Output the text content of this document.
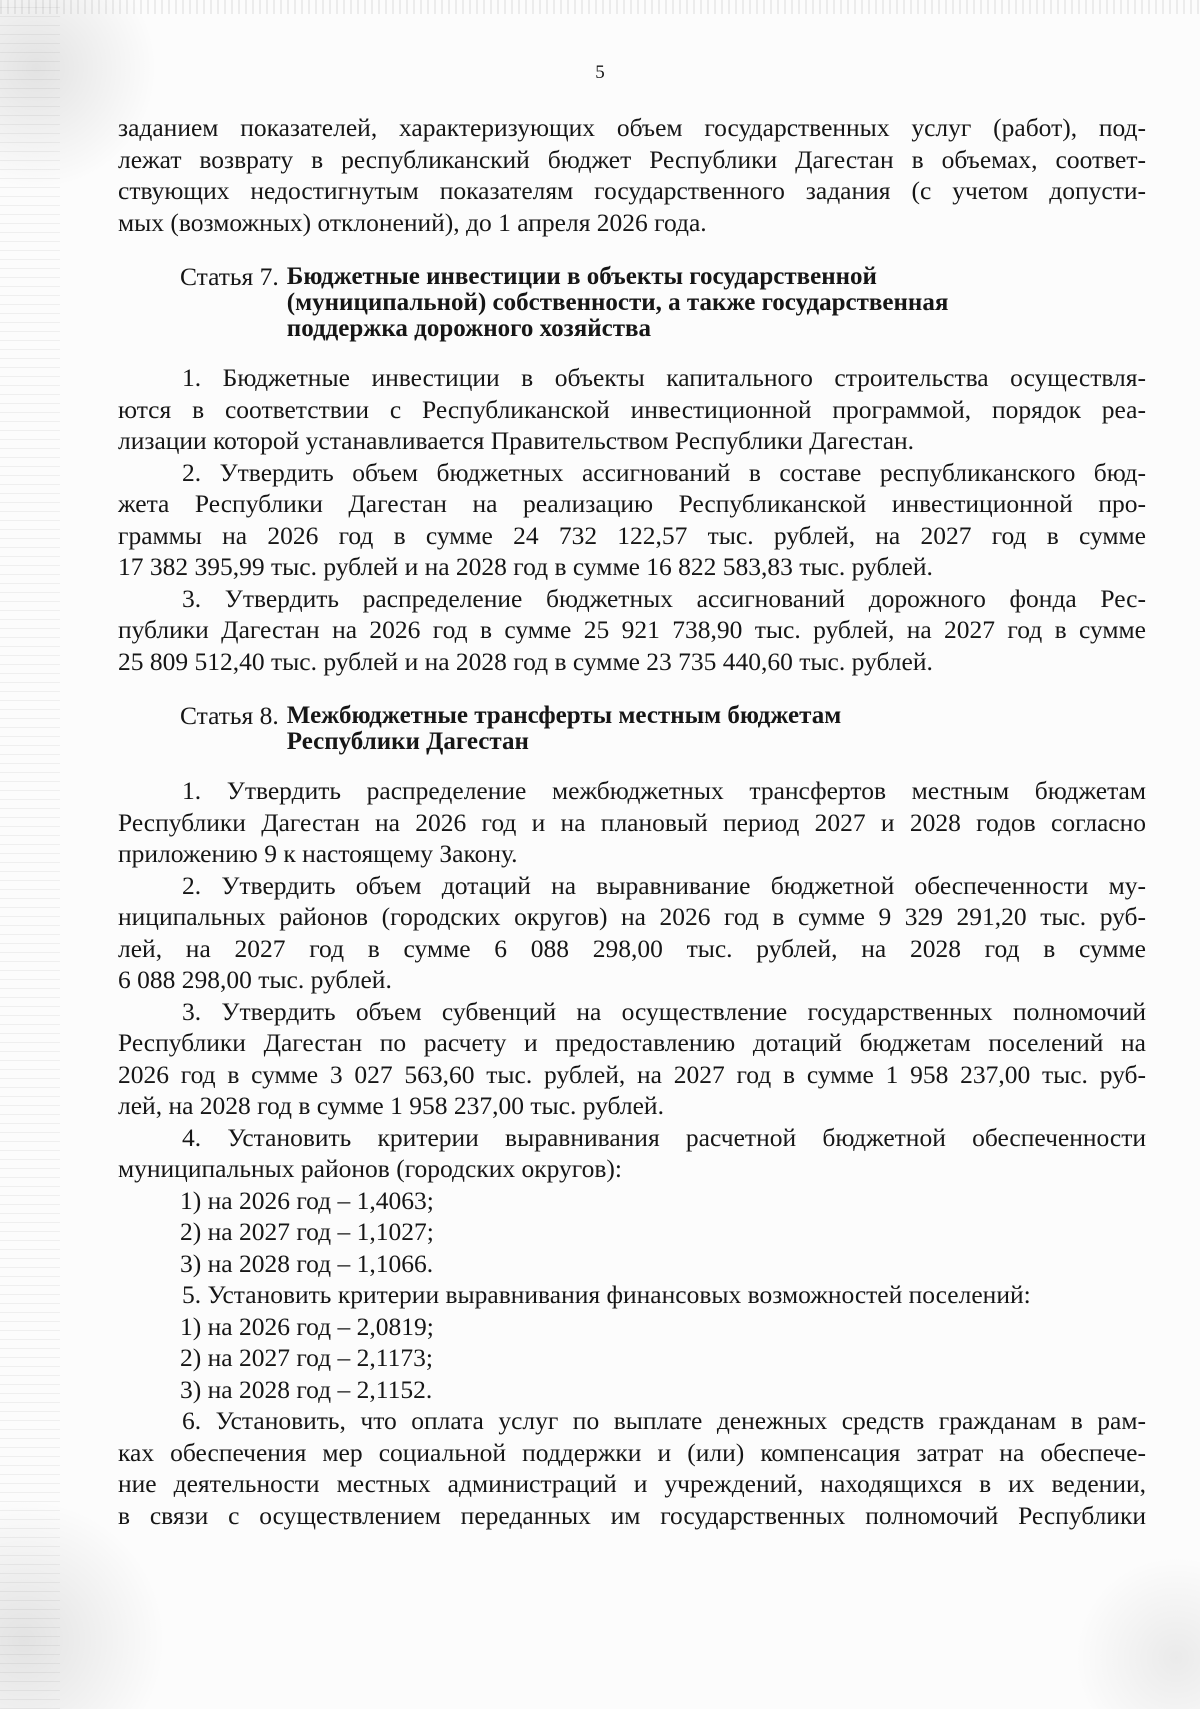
5

заданием показателей, характеризующих объем государственных услуг (работ), под-

лежат возврату в республиканский бюджет Республики Дагестан в объемах, соответ-

ствующих недостигнутым показателям государственного задания (с учетом допусти-

мых (возможных) отклонений), до 1 апреля 2026 года.

Статья 7. Бюджетные инвестиции в объекты государственной
(муниципальной) собственности, а также государственная
поддержка дорожного хозяйства

1. Бюджетные инвестиции в объекты капитального строительства осуществля-

ются в соответствии с Республиканской инвестиционной программой, порядок реа-

лизации которой устанавливается Правительством Республики Дагестан.

2. Утвердить объем бюджетных ассигнований в составе республиканского бюд-

жета Республики Дагестан на реализацию Республиканской инвестиционной про-

граммы на 2026 год в сумме 24 732 122,57 тыс. рублей, на 2027 год в сумме

17 382 395,99 тыс. рублей и на 2028 год в сумме 16 822 583,83 тыс. рублей.

3. Утвердить распределение бюджетных ассигнований дорожного фонда Рес-

публики Дагестан на 2026 год в сумме 25 921 738,90 тыс. рублей, на 2027 год в сумме

25 809 512,40 тыс. рублей и на 2028 год в сумме 23 735 440,60 тыс. рублей.

Статья 8. Межбюджетные трансферты местным бюджетам
Республики Дагестан

1. Утвердить распределение межбюджетных трансфертов местным бюджетам

Республики Дагестан на 2026 год и на плановый период 2027 и 2028 годов согласно

приложению 9 к настоящему Закону.

2. Утвердить объем дотаций на выравнивание бюджетной обеспеченности му-

ниципальных районов (городских округов) на 2026 год в сумме 9 329 291,20 тыс. руб-

лей, на 2027 год в сумме 6 088 298,00 тыс. рублей, на 2028 год в сумме

6 088 298,00 тыс. рублей.

3. Утвердить объем субвенций на осуществление государственных полномочий

Республики Дагестан по расчету и предоставлению дотаций бюджетам поселений на

2026 год в сумме 3 027 563,60 тыс. рублей, на 2027 год в сумме 1 958 237,00 тыс. руб-

лей, на 2028 год в сумме 1 958 237,00 тыс. рублей.

4. Установить критерии выравнивания расчетной бюджетной обеспеченности

муниципальных районов (городских округов):

1) на 2026 год – 1,4063;

2) на 2027 год – 1,1027;

3) на 2028 год – 1,1066.

5. Установить критерии выравнивания финансовых возможностей поселений:

1) на 2026 год – 2,0819;

2) на 2027 год – 2,1173;

3) на 2028 год – 2,1152.

6. Установить, что оплата услуг по выплате денежных средств гражданам в рам-

ках обеспечения мер социальной поддержки и (или) компенсация затрат на обеспече-

ние деятельности местных администраций и учреждений, находящихся в их ведении,

в связи с осуществлением переданных им государственных полномочий Республики
